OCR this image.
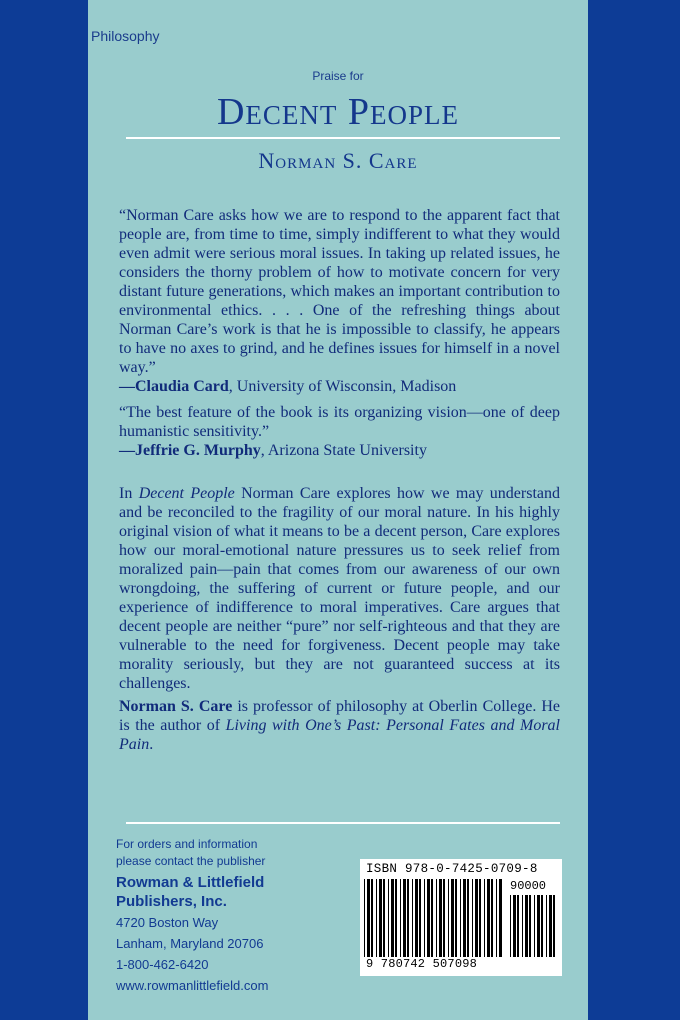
Philosophy
Praise for
Decent People
Norman S. Care

“Norman Care asks how we are to respond to the apparent fact that people are, from time to time, simply indifferent to what they would even admit were serious moral issues. In taking up related issues, he considers the thorny problem of how to motivate concern for very distant future generations, which makes an important contribution to environmental ethics. . . . One of the refreshing things about Norman Care’s work is that he is impossible to classify, he appears to have no axes to grind, and he defines issues for himself in a novel way.”

—Claudia Card, University of Wisconsin, Madison

“The best feature of the book is its organizing vision—one of deep humanistic sensitivity.”

—Jeffrie G. Murphy, Arizona State University

In Decent People Norman Care explores how we may understand and be reconciled to the fragility of our moral nature. In his highly original vision of what it means to be a decent person, Care explores how our moral-emotional nature pressures us to seek relief from moralized pain—pain that comes from our awareness of our own wrongdoing, the suffering of current or future people, and our experience of indifference to moral imperatives. Care argues that decent people are neither “pure” nor self-righteous and that they are vulnerable to the need for forgiveness. Decent people may take morality seriously, but they are not guaranteed success at its challenges.

Norman S. Care is professor of philosophy at Oberlin College. He is the author of Living with One’s Past: Personal Fates and Moral Pain.

For orders and information
please contact the publisher
Rowman & Littlefield
Publishers, Inc.
4720 Boston Way
Lanham, Maryland 20706
1-800-462-6420
www.rowmanlittlefield.com
ISBN 978-0-7425-0709-8
90000
9 780742 507098
